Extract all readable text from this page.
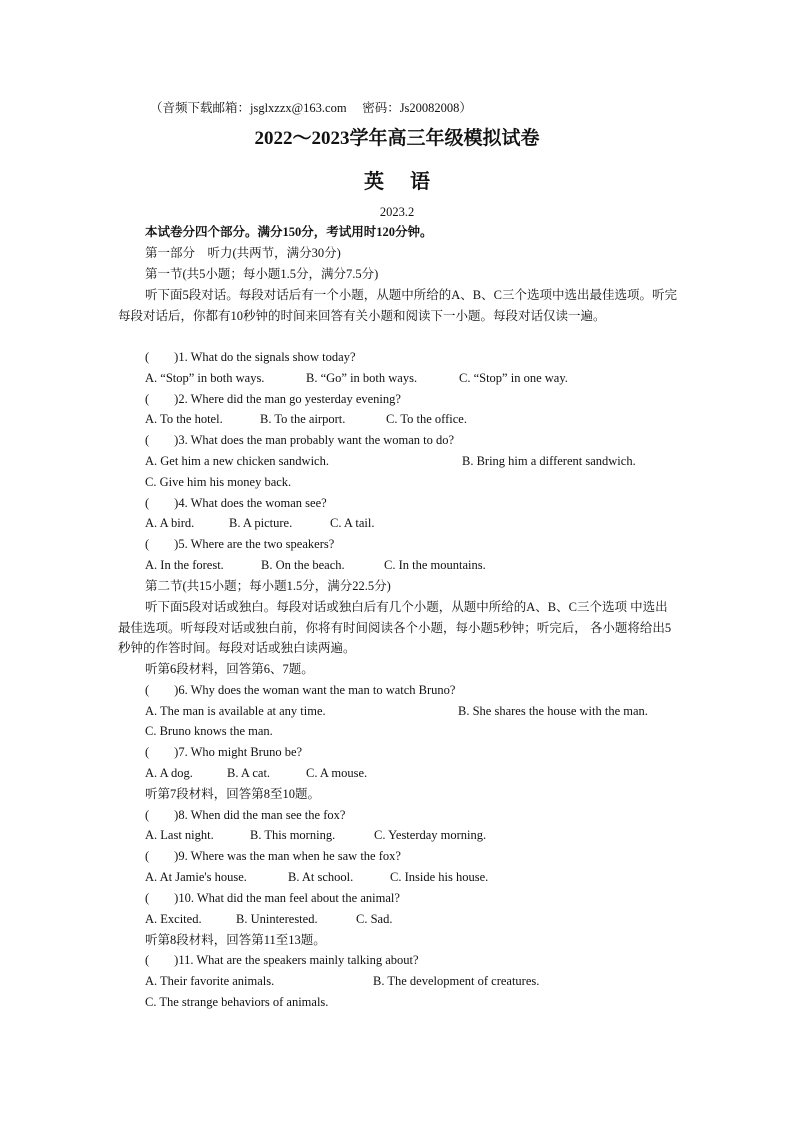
（音频下载邮箱：jsglxzzx@163.com　 密码：Js20082008）
2022～2023学年高三年级模拟试卷
英语
2023.2
本试卷分四个部分。满分150分，考试用时120分钟。
第一部分　听力(共两节，满分30分)
第一节(共5小题；每小题1.5分，满分7.5分)
听下面5段对话。每段对话后有一个小题，从题中所给的A、B、C三个选项中选出最佳选项。听完每段对话后，你都有10秒钟的时间来回答有关小题和阅读下一小题。每段对话仅读一遍。
(　　)1. What do the signals show today?
A. “Stop” in both ways.	B. “Go” in both ways.	C. “Stop” in one way.
(　　)2. Where did the man go yesterday evening?
A. To the hotel.	B. To the airport.	C. To the office.
(　　)3. What does the man probably want the woman to do?
A. Get him a new chicken sandwich.	B. Bring him a different sandwich.
C. Give him his money back.
(　　)4. What does the woman see?
A. A bird.	B. A picture.	C. A tail.
(　　)5. Where are the two speakers?
A. In the forest.	B. On the beach.	C. In the mountains.
第二节(共15小题；每小题1.5分，满分22.5分)
听下面5段对话或独白。每段对话或独白后有几个小题，从题中所给的A、B、C三个选项 中选出最佳选项。听每段对话或独白前，你将有时间阅读各个小题，每小题5秒钟；听完后， 各小题将给出5秒钟的作答时间。每段对话或独白读两遍。
听第6段材料，回答第6、7题。
(　　)6. Why does the woman want the man to watch Bruno?
A. The man is available at any time.	B. She shares the house with the man.
C. Bruno knows the man.
(　　)7. Who might Bruno be?
A. A dog.	B. A cat.	C. A mouse.
听第7段材料，回答第8至10题。
(　　)8. When did the man see the fox?
A. Last night.	B. This morning.	C. Yesterday morning.
(　　)9. Where was the man when he saw the fox?
A. At Jamie's house.	B. At school.	C. Inside his house.
(　　)10. What did the man feel about the animal?
A. Excited.	B. Uninterested.	C. Sad.
听第8段材料，回答第11至13题。
(　　)11. What are the speakers mainly talking about?
A. Their favorite animals.	B. The development of creatures.
C. The strange behaviors of animals.
